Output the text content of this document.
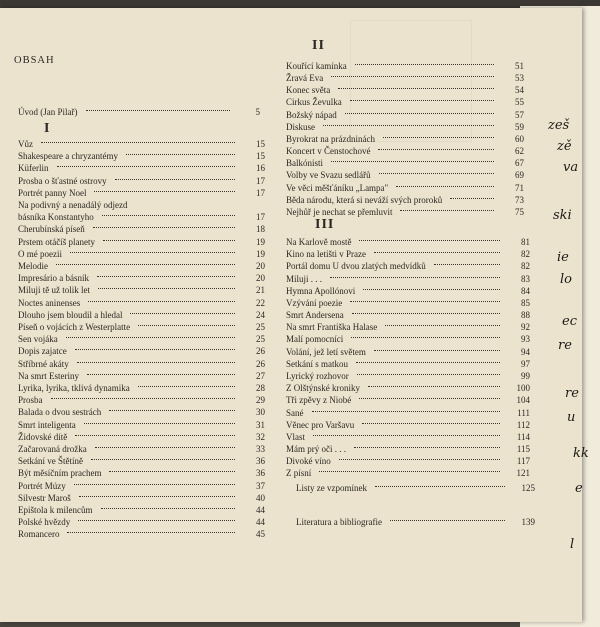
OBSAH
I
II
III
Úvod (Jan Pilař)	5
Vůz	15
Shakespeare a chryzantémy	15
Küferlin	16
Prosba o šťastné ostrovy	17
Portrét panny Noel	17
Na podivný a nenadálý odjezd
básníka Konstantyho	17
Cherubínská píseň	18
Prstem otáčíš planety	19
O mé poezii	19
Melodie	20
Impresário a básník	20
Miluji tě už tolik let	21
Noctes aninenses	22
Dlouho jsem bloudil a hledal	24
Píseň o vojácích z Westerplatte	25
Sen vojáka	25
Dopis zajatce	26
Stříbrné akáty	26
Na smrt Esteriny	27
Lyrika, lyrika, tklivá dynamika	28
Prosba	29
Balada o dvou sestrách	30
Smrt inteligenta	31
Židovské dítě	32
Začarovaná drožka	33
Setkání ve Štětíně	36
Být měsíčním prachem	36
Portrét Múzy	37
Silvestr Maroš	40
Epištola k milencům	44
Polské hvězdy	44
Romancero	45
Kouřící kamínka	51
Žravá Eva	53
Konec světa	54
Cirkus Ževulka	55
Božský nápad	57
Diskuse	59
Byrokrat na prázdninách	60
Koncert v Čenstochové	62
Balkónisti	67
Volby ve Svazu sedlářů	69
Ve věci měšťáníku „Lampa"	71
Běda národu, která si neváží svých proroků	73
Nejhůř je nechat se přemluvit	75
Na Karlově mostě	81
Kino na letišti v Praze	82
Portál domu U dvou zlatých medvídků	82
Miluji . . .	83
Hymna Apollónovi	84
Vzývání poezie	85
Smrt Andersena	88
Na smrt Františka Halase	92
Malí pomocníci	93
Volání, jež letí světem	94
Setkání s matkou	97
Lyrický rozhovor	99
Z Olštýnské kroniky	100
Tři zpěvy z Niobé	104
Sané	111
Věnec pro Varšavu	112
Vlast	114
Mám prý oči . . .	115
Divoké víno	117
Z písní	121
Listy ze vzpomínek	125
Literatura a bibliografie	139
zeš
zě
va
ski
ie
lo
ec
re
re
u
kk
e
l
